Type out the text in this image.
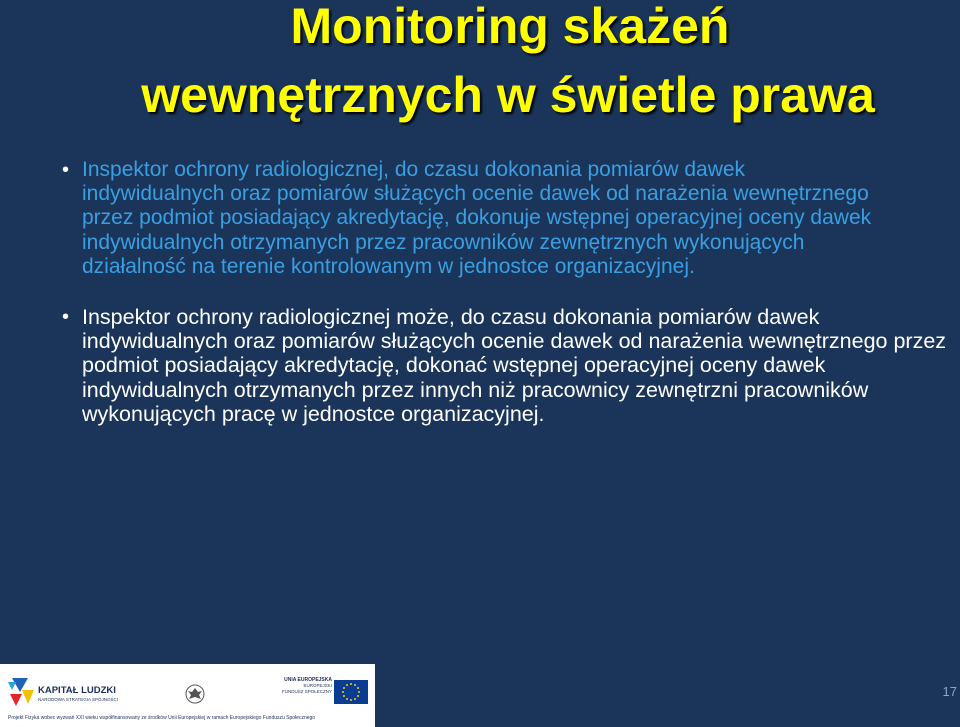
Monitoring skażeń
wewnętrznych w świetle prawa
• Inspektor ochrony radiologicznej, do czasu dokonania pomiarów dawek indywidualnych oraz pomiarów służących ocenie dawek od narażenia wewnętrznego przez podmiot posiadający akredytację, dokonuje wstępnej operacyjnej oceny dawek indywidualnych otrzymanych przez pracowników zewnętrznych wykonujących działalność na terenie kontrolowanym w jednostce organizacyjnej.
• Inspektor ochrony radiologicznej może, do czasu dokonania pomiarów dawek indywidualnych oraz pomiarów służących ocenie dawek od narażenia wewnętrznego przez podmiot posiadający akredytację, dokonać wstępnej operacyjnej oceny dawek indywidualnych otrzymanych przez innych niż pracownicy zewnętrzni pracowników wykonujących pracę w jednostce organizacyjnej.
KAPITAŁ LUDZKI
NARODOWA STRATEGIA SPÓJNOŚCI
UNIA EUROPEJSKA
EUROPEJSKI
FUNDUSZ SPOŁECZNY
Projekt Fizyka wobec wyzwań XXI wieku współfinansowany ze środków Unii Europejskiej w ramach Europejskiego Funduszu Społecznego
17
